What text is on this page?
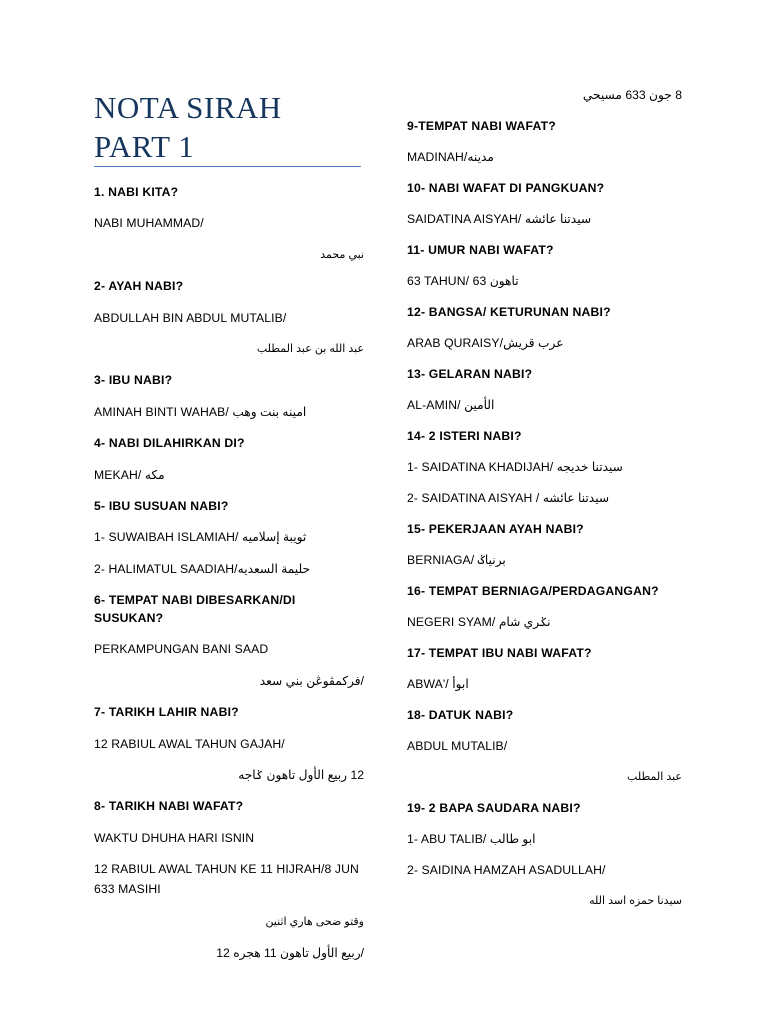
NOTA SIRAH
PART 1
1. NABI KITA?
NABI MUHAMMAD/
نبي محمد
2- AYAH NABI?
ABDULLAH BIN ABDUL MUTALIB/
عبد الله بن عبد المطلب
3- IBU NABI?
AMINAH BINTI WAHAB/ امينه بنت وهب
4- NABI DILAHIRKAN DI?
MEKAH/ مكه
5- IBU SUSUAN NABI?
1- SUWAIBAH ISLAMIAH/ ثويبة إسلاميه
2- HALIMATUL SAADIAH/حليمة السعديه
6- TEMPAT NABI DIBESARKAN/DI SUSUKAN?
PERKAMPUNGAN BANI SAAD
/فركمڤوڠن بني سعد
7- TARIKH LAHIR NABI?
12 RABIUL AWAL TAHUN GAJAH/
12 ربيع الأول تاهون ݢاجه
8- TARIKH NABI WAFAT?
WAKTU DHUHA HARI ISNIN
12 RABIUL AWAL TAHUN KE 11 HIJRAH/8 JUN 633 MASIHI
وقتو ضحى هاري اثنين
/ربيع الأول تاهون 11 هجره 12
8 جون 633 مسيحي
9-TEMPAT NABI WAFAT?
MADINAH/مدينه
10- NABI WAFAT DI PANGKUAN?
SAIDATINA AISYAH/ سيدتنا عائشه
11- UMUR NABI WAFAT?
63 TAHUN/ 63 تاهون
12- BANGSA/ KETURUNAN NABI?
ARAB QURAISY/عرب قريش
13- GELARAN NABI?
AL-AMIN/ الأمين
14- 2 ISTERI NABI?
1- SAIDATINA KHADIJAH/ سيدتنا خديجه
2- SAIDATINA AISYAH / سيدتنا عائشه
15- PEKERJAAN AYAH NABI?
BERNIAGA/ برنياݢ
16- TEMPAT BERNIAGA/PERDAGANGAN?
NEGERI SYAM/ نݢري شام
17- TEMPAT IBU NABI WAFAT?
ABWA'/ ابوأ
18- DATUK NABI?
ABDUL MUTALIB/
عبد المطلب
19- 2 BAPA SAUDARA NABI?
1- ABU TALIB/ ابو طالب
2- SAIDINA HAMZAH ASADULLAH/
سيدنا حمزه اسد الله
